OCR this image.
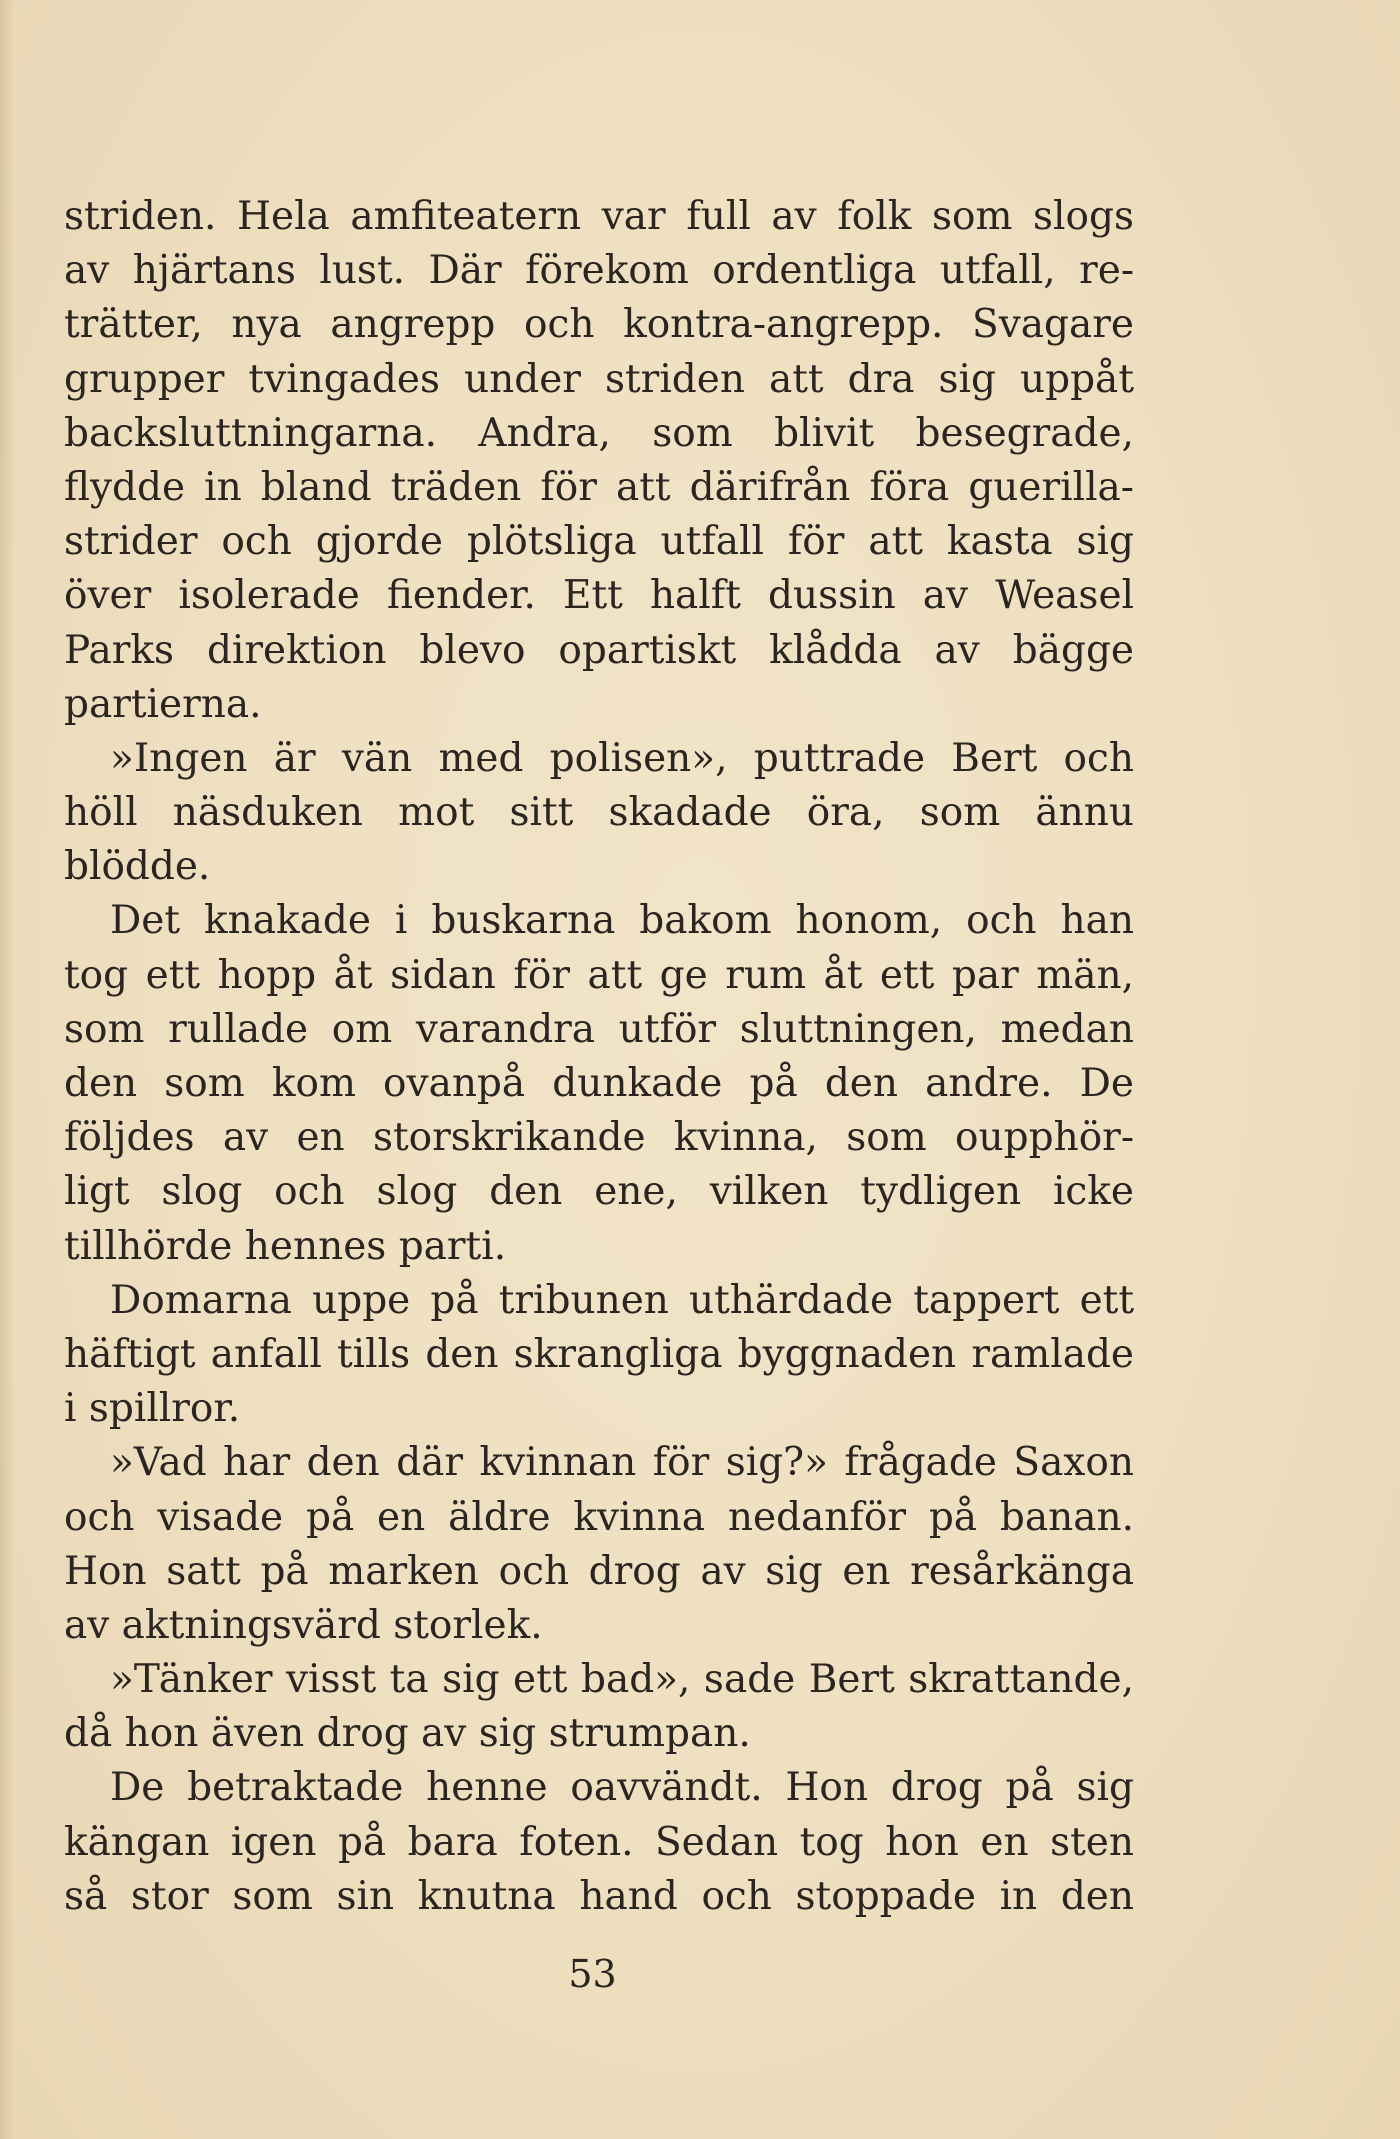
striden. Hela amfiteatern var full av folk som slogs
av hjärtans lust. Där förekom ordentliga utfall, re-
trätter, nya angrepp och kontra-angrepp. Svagare
grupper tvingades under striden att dra sig uppåt
backsluttningarna. Andra, som blivit besegrade,
flydde in bland träden för att därifrån föra guerilla-
strider och gjorde plötsliga utfall för att kasta sig
över isolerade fiender. Ett halft dussin av Weasel
Parks direktion blevo opartiskt klådda av bägge
partierna.
»Ingen är vän med polisen», puttrade Bert och
höll näsduken mot sitt skadade öra, som ännu
blödde.
Det knakade i buskarna bakom honom, och han
tog ett hopp åt sidan för att ge rum åt ett par män,
som rullade om varandra utför sluttningen, medan
den som kom ovanpå dunkade på den andre. De
följdes av en storskrikande kvinna, som oupphör-
ligt slog och slog den ene, vilken tydligen icke
tillhörde hennes parti.
Domarna uppe på tribunen uthärdade tappert ett
häftigt anfall tills den skrangliga byggnaden ramlade
i spillror.
»Vad har den där kvinnan för sig?» frågade Saxon
och visade på en äldre kvinna nedanför på banan.
Hon satt på marken och drog av sig en resårkänga
av aktningsvärd storlek.
»Tänker visst ta sig ett bad», sade Bert skrattande,
då hon även drog av sig strumpan.
De betraktade henne oavvändt. Hon drog på sig
kängan igen på bara foten. Sedan tog hon en sten
så stor som sin knutna hand och stoppade in den
53
